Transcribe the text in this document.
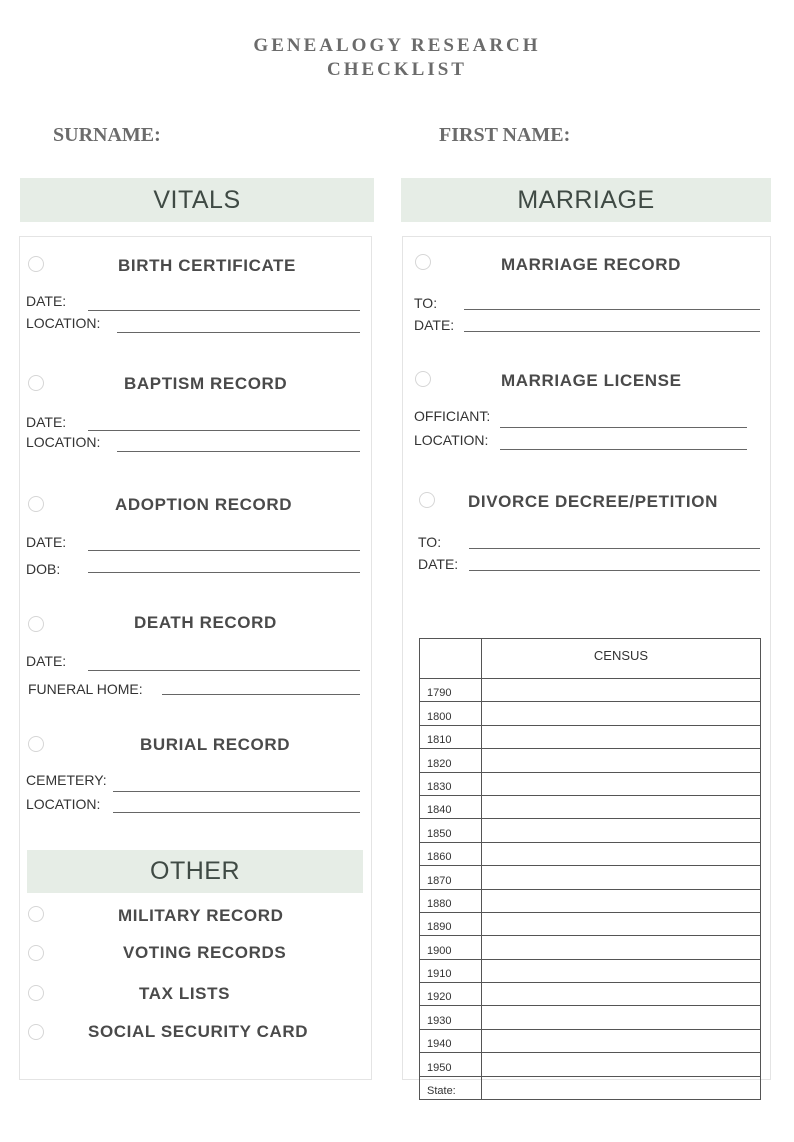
GENEALOGY RESEARCH
CHECKLIST
SURNAME:	FIRST NAME:
VITALS	MARRIAGE
BIRTH CERTIFICATE
DATE:
LOCATION:
BAPTISM RECORD
DATE:
LOCATION:
ADOPTION RECORD
DATE:
DOB:
DEATH RECORD
DATE:
FUNERAL HOME:
BURIAL RECORD
CEMETERY:
LOCATION:
OTHER
MILITARY RECORD
VOTING RECORDS
TAX LISTS
SOCIAL SECURITY CARD
MARRIAGE RECORD
TO:
DATE:
MARRIAGE LICENSE
OFFICIANT:
LOCATION:
DIVORCE DECREE/PETITION
TO:
DATE:
	CENSUS
1790	
1800	
1810	
1820	
1830	
1840	
1850	
1860	
1870	
1880	
1890	
1900	
1910	
1920	
1930	
1940	
1950	
State:	
